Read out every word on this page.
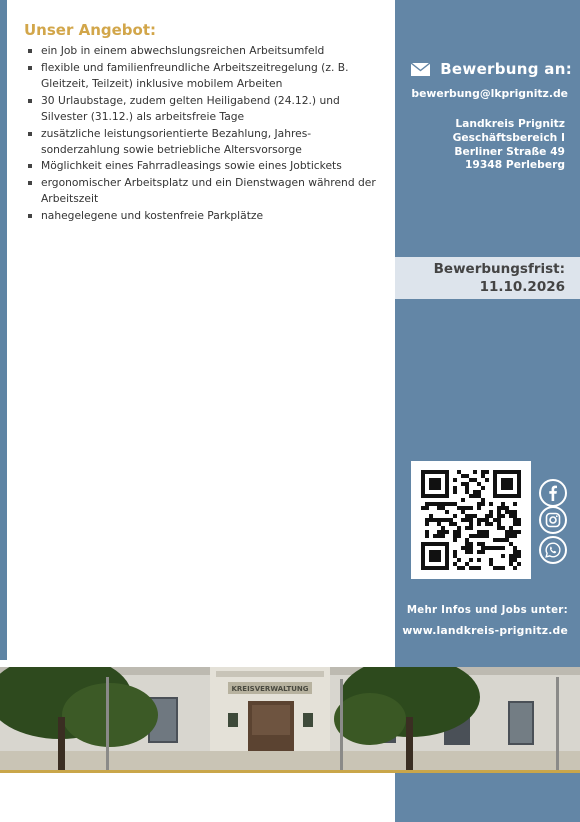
Unser Angebot:
ein Job in einem abwechslungsreichen Arbeitsumfeld
flexible und familienfreundliche Arbeitszeitregelung (z. B. Gleitzeit, Teilzeit) inklusive mobilem Arbeiten
30 Urlaubstage, zudem gelten Heiligabend (24.12.) und Silvester (31.12.) als arbeitsfreie Tage
zusätzliche leistungsorientierte Bezahlung, Jahres-sonderzahlung sowie betriebliche Altersvorsorge
Möglichkeit eines Fahrradleasings sowie eines Jobtickets
ergonomischer Arbeitsplatz und ein Dienstwagen während der Arbeitszeit
nahegelegene und kostenfreie Parkplätze
Bewerbung an:
bewerbung@lkprignitz.de
Landkreis Prignitz
Geschäftsbereich I
Berliner Straße 49
19348 Perleberg
Bewerbungsfrist:
11.10.2026
Mehr Infos und Jobs unter:
www.landkreis-prignitz.de
KREISVERWALTUNG
